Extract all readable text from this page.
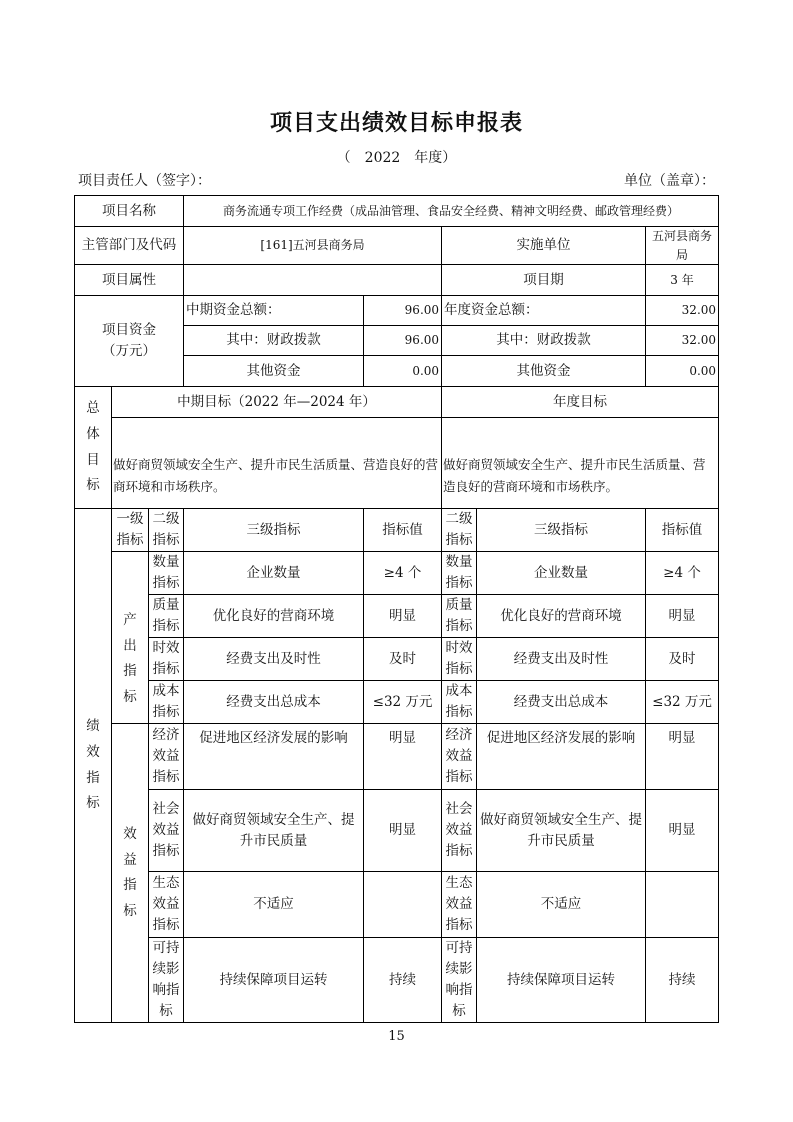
项目支出绩效目标申报表
（　2022　年度）
项目责任人（签字）：	单位（盖章）：
项目名称			商务流通专项工作经费（成品油管理、食品安全经费、精神文明经费、邮政管理经费）				
主管部门及代码			[161]五河县商务局		实施单位		五河县商务局
项目属性					项目期		3 年

项目资金
（万元）			中期资金总额：	96.00	年度资金总额：		32.00
			其中：财政拨款	96.00	其中：财政拨款		32.00
			其他资金	0.00	其他资金		0.00
总体目标	中期目标（2022 年—2024 年）				年度目标		
	做好商贸领域安全生产、提升市民生活质量、营造良好的营商环境和市场秩序。				做好商贸领域安全生产、提升市民生活质量、营造良好的营商环境和市场秩序。		
绩效指标	一级指标	二级指标	三级指标	指标值	二级指标	三级指标	指标值
	产出指标	数量指标	企业数量	≥4 个	数量指标	企业数量	≥4 个
		质量指标	优化良好的营商环境	明显	质量指标	优化良好的营商环境	明显
		时效指标	经费支出及时性	及时	时效指标	经费支出及时性	及时
		成本指标	经费支出总成本	≤32 万元	成本指标	经费支出总成本	≤32 万元
	效益指标	经济效益指标	促进地区经济发展的影响	明显	经济效益指标	促进地区经济发展的影响	明显
		社会效益指标	做好商贸领域安全生产、提升市民质量	明显	社会效益指标	做好商贸领域安全生产、提升市民质量	明显
		生态效益指标	不适应		生态效益指标	不适应	
		可持续影响指标	持续保障项目运转	持续	可持续影响指标	持续保障项目运转	持续
15
